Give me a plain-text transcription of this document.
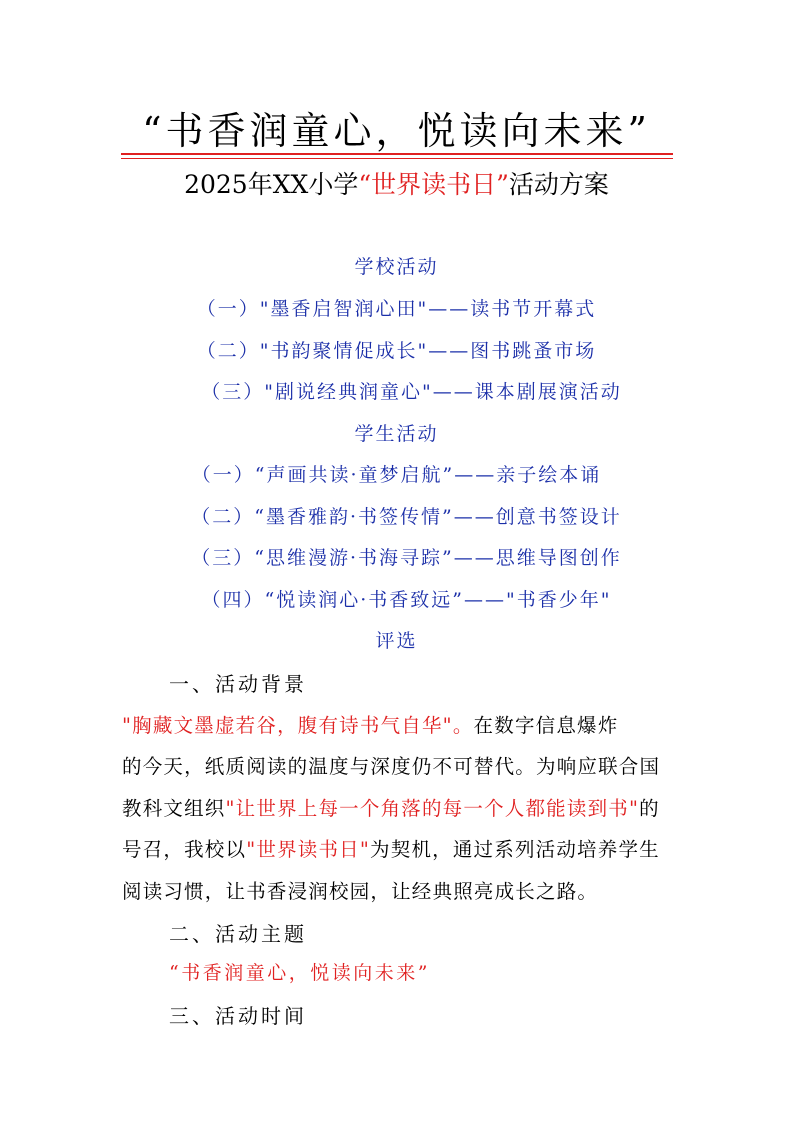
“书香润童心，悦读向未来”
2025年XX小学“世界读书日”活动方案
学校活动
（一）"墨香启智润心田"——读书节开幕式
（二）"书韵聚情促成长"——图书跳蚤市场
（三）"剧说经典润童心"——课本剧展演活动
学生活动
（一）“声画共读·童梦启航”——亲子绘本诵
（二）“墨香雅韵·书签传情”——创意书签设计
（三）“思维漫游·书海寻踪”——思维导图创作
（四）“悦读润心·书香致远”——"书香少年"
评选
一、活动背景
"胸藏文墨虚若谷，腹有诗书气自华"。在数字信息爆炸
的今天，纸质阅读的温度与深度仍不可替代。为响应联合国
教科文组织"让世界上每一个角落的每一个人都能读到书"的
号召，我校以"世界读书日"为契机，通过系列活动培养学生
阅读习惯，让书香浸润校园，让经典照亮成长之路。
二、活动主题
“书香润童心，悦读向未来”
三、活动时间
